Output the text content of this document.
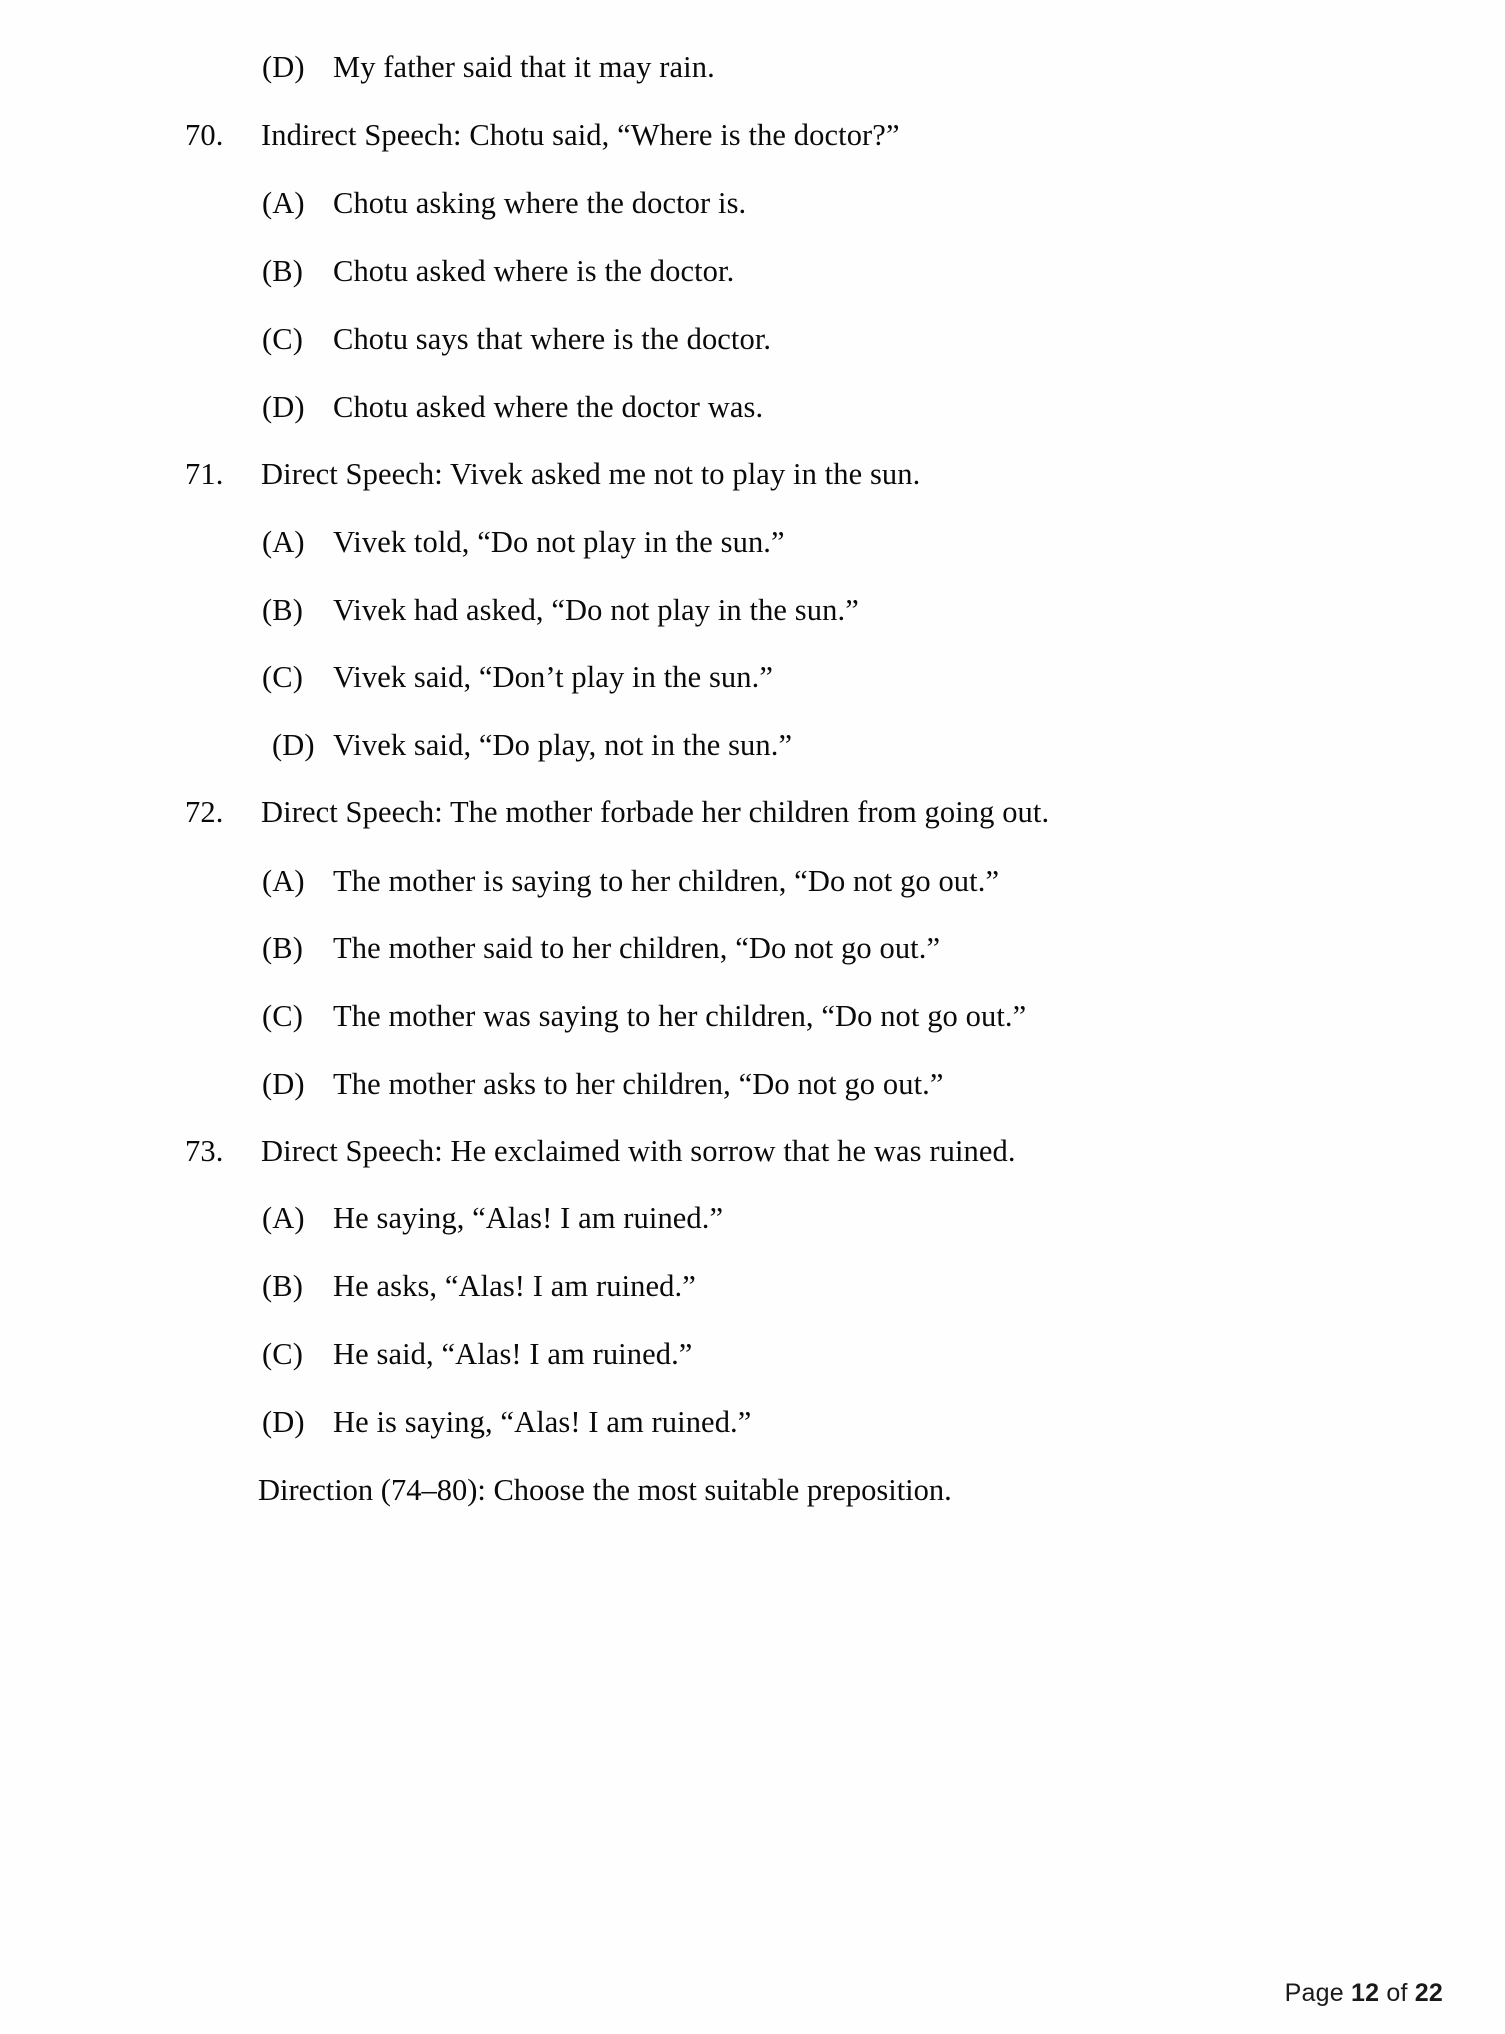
(D) My father said that it may rain.
70.	Indirect Speech: Chotu said, “Where is the doctor?”
(A) Chotu asking where the doctor is.
(B) Chotu asked where is the doctor.
(C) Chotu says that where is the doctor.
(D) Chotu asked where the doctor was.
71.	Direct Speech: Vivek asked me not to play in the sun.
(A) Vivek told, “Do not play in the sun.”
(B) Vivek had asked, “Do not play in the sun.”
(C) Vivek said, “Don’t play in the sun.”
(D) Vivek said, “Do play, not in the sun.”
72.	Direct Speech: The mother forbade her children from going out.
(A) The mother is saying to her children, “Do not go out.”
(B) The mother said to her children, “Do not go out.”
(C) The mother was saying to her children, “Do not go out.”
(D) The mother asks to her children, “Do not go out.”
73.	Direct Speech: He exclaimed with sorrow that he was ruined.
(A) He saying, “Alas! I am ruined.”
(B) He asks, “Alas! I am ruined.”
(C) He said, “Alas! I am ruined.”
(D) He is saying, “Alas! I am ruined.”
Direction (74–80): Choose the most suitable preposition.
Page 12 of 22
